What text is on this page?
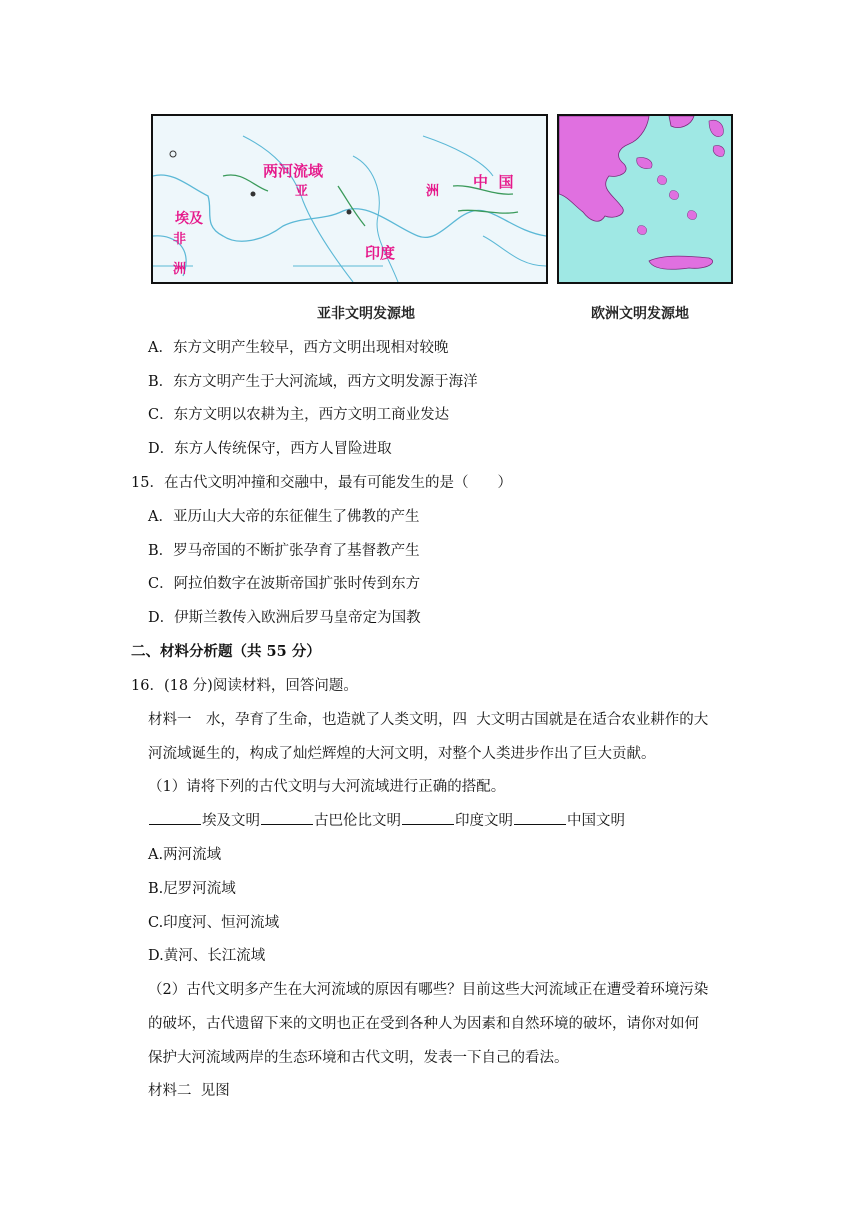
两河流域
亚	洲
中  国
埃及
非
洲
印度
亚非文明发源地	欧洲文明发源地
A．东方文明产生较早，西方文明出现相对较晚
B．东方文明产生于大河流域，西方文明发源于海洋
C．东方文明以农耕为主，西方文明工商业发达
D．东方人传统保守，西方人冒险进取
15．在古代文明冲撞和交融中，最有可能发生的是（　　）
A．亚历山大大帝的东征催生了佛教的产生
B．罗马帝国的不断扩张孕育了基督教产生
C．阿拉伯数字在波斯帝国扩张时传到东方
D．伊斯兰教传入欧洲后罗马皇帝定为国教
二、材料分析题（共 55 分）
16．(18 分)阅读材料，回答问题。
材料一　水，孕育了生命，也造就了人类文明，四  大文明古国就是在适合农业耕作的大
河流域诞生的，构成了灿烂辉煌的大河文明，对整个人类进步作出了巨大贡献。
（1）请将下列的古代文明与大河流域进行正确的搭配。
埃及文明	古巴伦比文明	印度文明	中国文明
A.两河流域
B.尼罗河流域
C.印度河、恒河流域
D.黄河、长江流域
（2）古代文明多产生在大河流域的原因有哪些？目前这些大河流域正在遭受着环境污染
的破坏，古代遗留下来的文明也正在受到各种人为因素和自然环境的破坏，请你对如何
保护大河流域两岸的生态环境和古代文明，发表一下自己的看法。
材料二  见图
